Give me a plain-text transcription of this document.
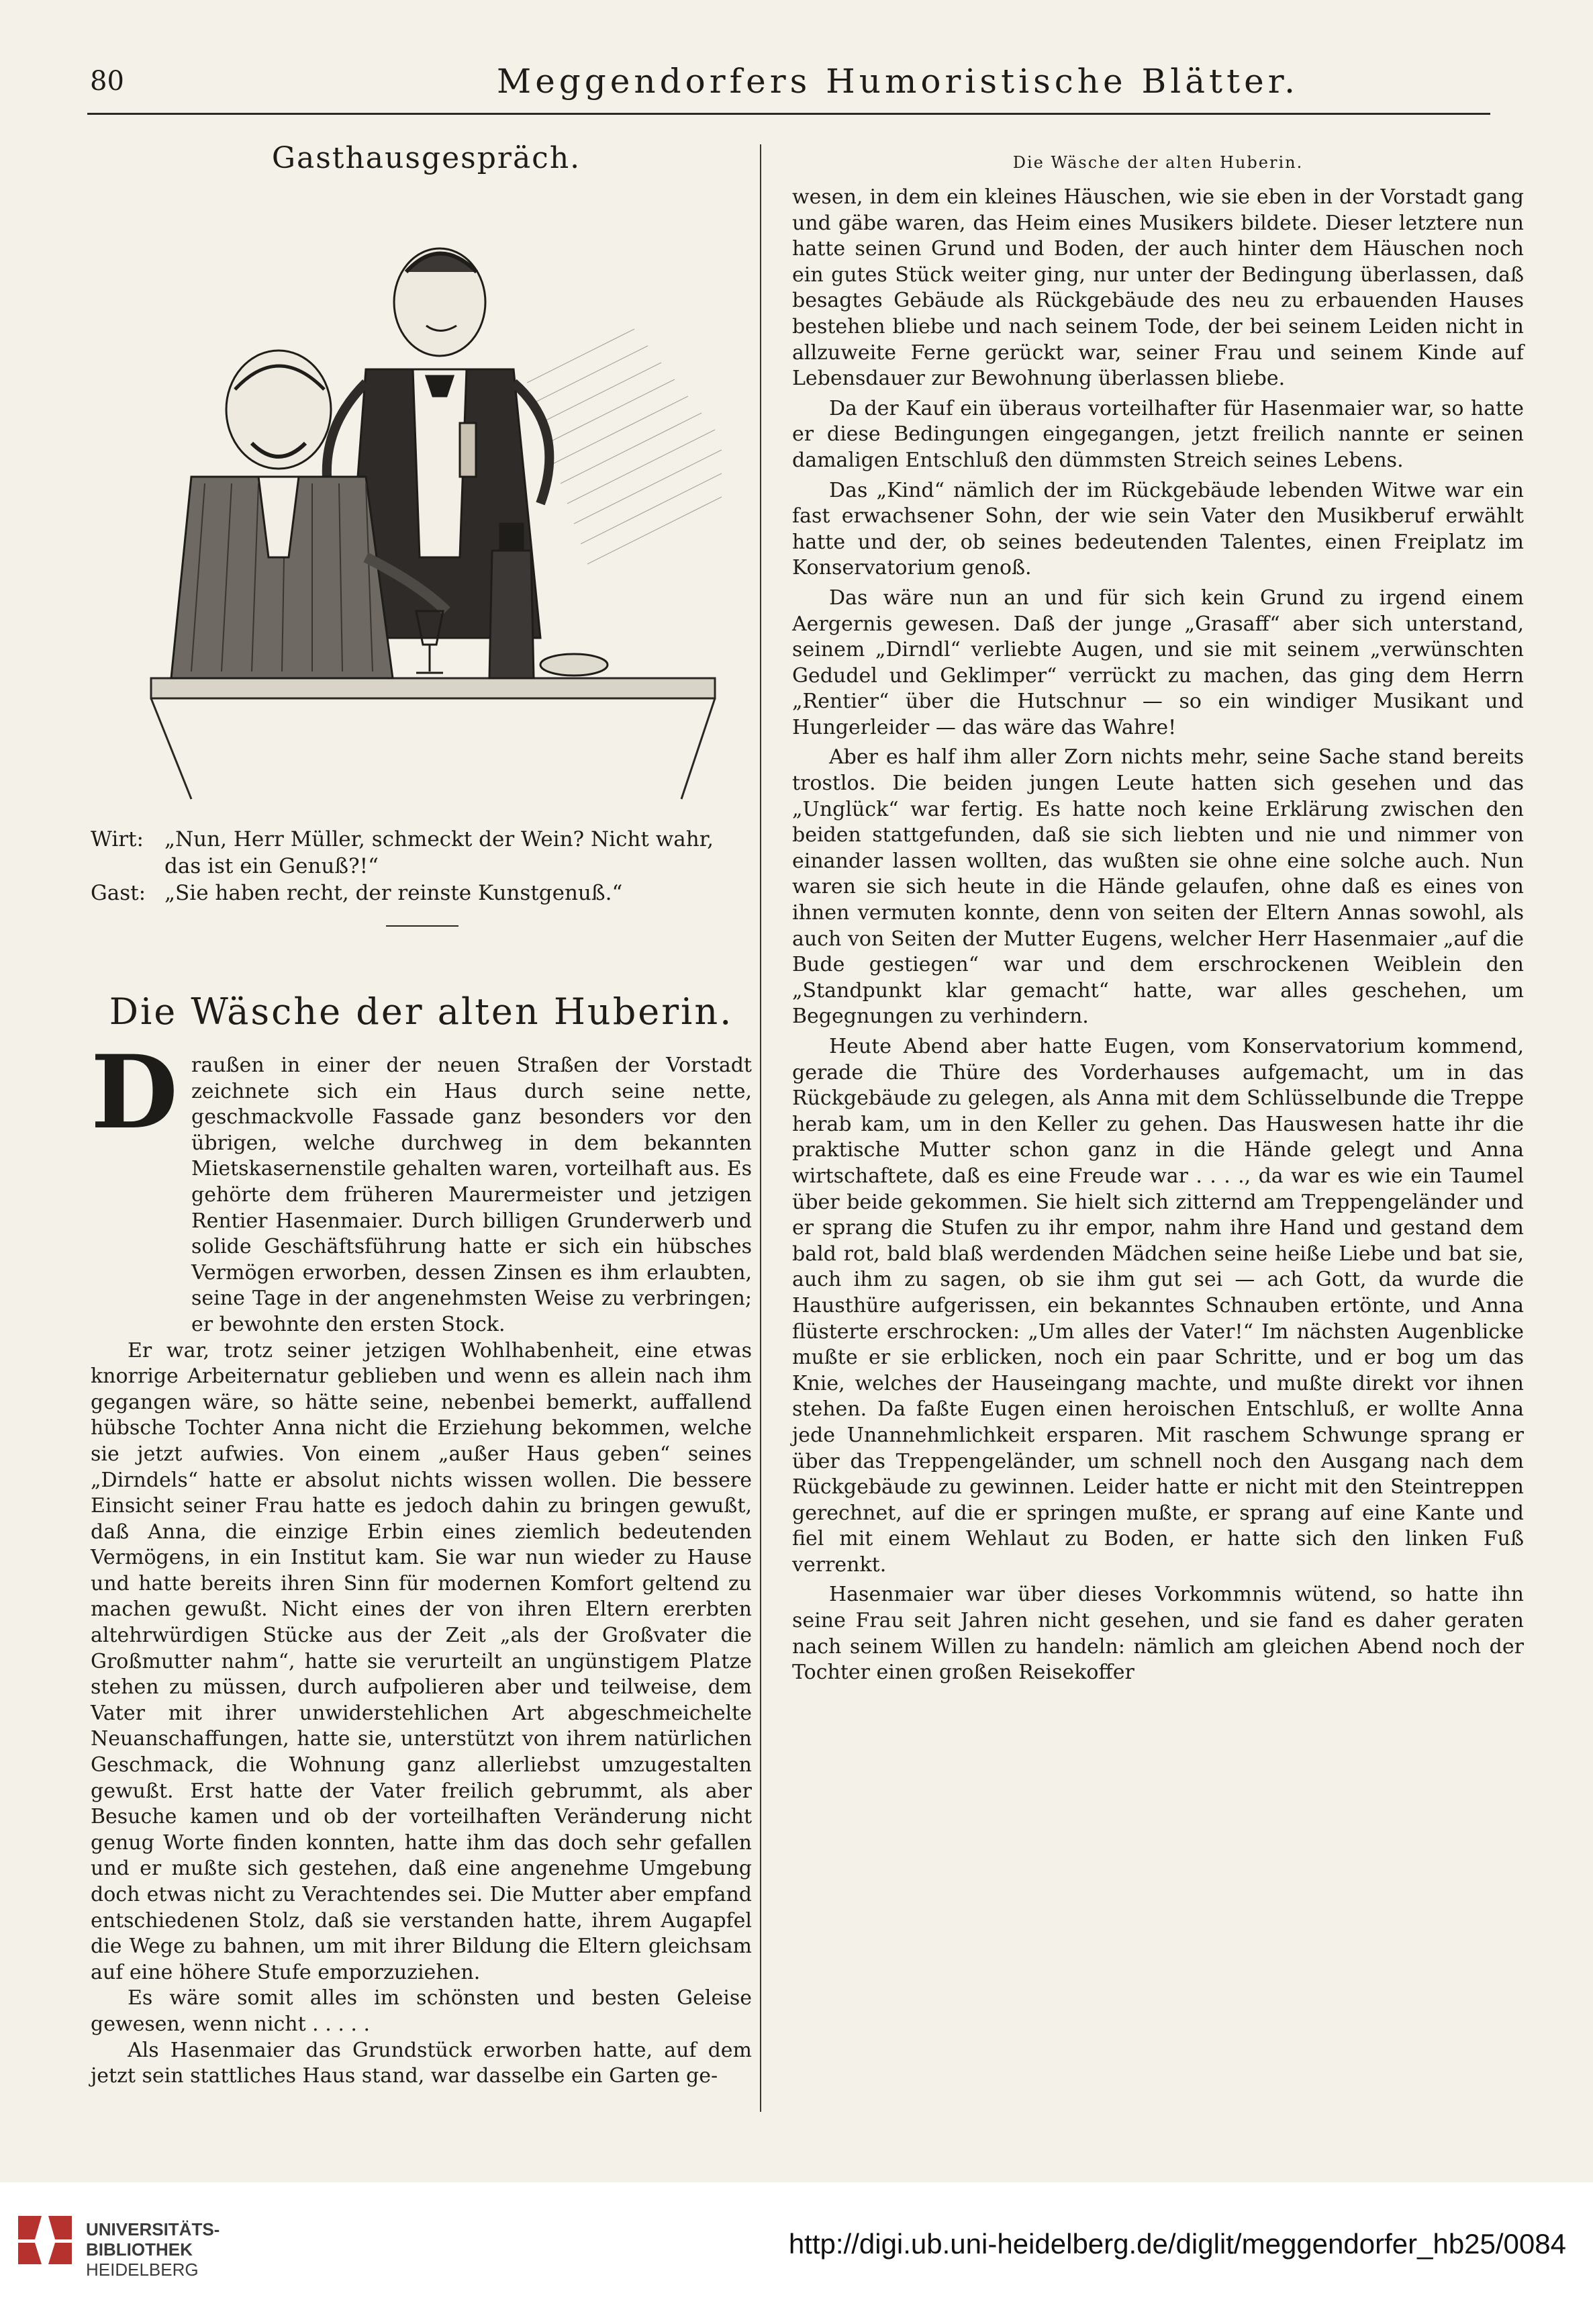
80	Meggendorfers Humoristische Blätter.
Gasthausgespräch.
Wirt: „Nun, Herr Müller, schmeckt der Wein? Nicht wahr,
das ist ein Genuß?!“
Gast: „Sie haben recht, der reinste Kunstgenuß.“
Die Wäsche der alten Huberin.
D raußen in einer der neuen Straßen der Vorstadt zeichnete sich ein Haus durch seine nette, geschmackvolle Fassade ganz besonders vor den übrigen, welche durchweg in dem bekannten Mietskasernenstile gehalten waren, vorteilhaft aus. Es gehörte dem früheren Maurermeister und jetzigen Rentier Hasenmaier. Durch billigen Grunderwerb und solide Geschäftsführung hatte er sich ein hübsches Vermögen erworben, dessen Zinsen es ihm erlaubten, seine Tage in der angenehmsten Weise zu verbringen; er bewohnte den ersten Stock.

Er war, trotz seiner jetzigen Wohlhabenheit, eine etwas knorrige Arbeiternatur geblieben und wenn es allein nach ihm gegangen wäre, so hätte seine, nebenbei bemerkt, auffallend hübsche Tochter Anna nicht die Erziehung bekommen, welche sie jetzt aufwies. Von einem „außer Haus geben“ seines „Dirndels“ hatte er absolut nichts wissen wollen. Die bessere Einsicht seiner Frau hatte es jedoch dahin zu bringen gewußt, daß Anna, die einzige Erbin eines ziemlich bedeutenden Vermögens, in ein Institut kam. Sie war nun wieder zu Hause und hatte bereits ihren Sinn für modernen Komfort geltend zu machen gewußt. Nicht eines der von ihren Eltern ererbten altehrwürdigen Stücke aus der Zeit „als der Großvater die Großmutter nahm“, hatte sie verurteilt an ungünstigem Platze stehen zu müssen, durch aufpolieren aber und teilweise, dem Vater mit ihrer unwiderstehlichen Art abgeschmeichelte Neuanschaffungen, hatte sie, unterstützt von ihrem natürlichen Geschmack, die Wohnung ganz allerliebst umzugestalten gewußt. Erst hatte der Vater freilich gebrummt, als aber Besuche kamen und ob der vorteilhaften Veränderung nicht genug Worte finden konnten, hatte ihm das doch sehr gefallen und er mußte sich gestehen, daß eine angenehme Umgebung doch etwas nicht zu Verachtendes sei. Die Mutter aber empfand entschiedenen Stolz, daß sie verstanden hatte, ihrem Augapfel die Wege zu bahnen, um mit ihrer Bildung die Eltern gleichsam auf eine höhere Stufe emporzuziehen.

Es wäre somit alles im schönsten und besten Geleise gewesen, wenn nicht . . . . .

Als Hasenmaier das Grundstück erworben hatte, auf dem jetzt sein stattliches Haus stand, war dasselbe ein Garten ge-

Die Wäsche der alten Huberin.

wesen, in dem ein kleines Häuschen, wie sie eben in der Vorstadt gang und gäbe waren, das Heim eines Musikers bildete. Dieser letztere nun hatte seinen Grund und Boden, der auch hinter dem Häuschen noch ein gutes Stück weiter ging, nur unter der Bedingung überlassen, daß besagtes Gebäude als Rückgebäude des neu zu erbauenden Hauses bestehen bliebe und nach seinem Tode, der bei seinem Leiden nicht in allzuweite Ferne gerückt war, seiner Frau und seinem Kinde auf Lebensdauer zur Bewohnung überlassen bliebe.

Da der Kauf ein überaus vorteilhafter für Hasenmaier war, so hatte er diese Bedingungen eingegangen, jetzt freilich nannte er seinen damaligen Entschluß den dümmsten Streich seines Lebens.

Das „Kind“ nämlich der im Rückgebäude lebenden Witwe war ein fast erwachsener Sohn, der wie sein Vater den Musikberuf erwählt hatte und der, ob seines bedeutenden Talentes, einen Freiplatz im Konservatorium genoß.

Das wäre nun an und für sich kein Grund zu irgend einem Aergernis gewesen. Daß der junge „Grasaff“ aber sich unterstand, seinem „Dirndl“ verliebte Augen, und sie mit seinem „verwünschten Gedudel und Geklimper“ verrückt zu machen, das ging dem Herrn „Rentier“ über die Hutschnur — so ein windiger Musikant und Hungerleider — das wäre das Wahre!

Aber es half ihm aller Zorn nichts mehr, seine Sache stand bereits trostlos. Die beiden jungen Leute hatten sich gesehen und das „Unglück“ war fertig. Es hatte noch keine Erklärung zwischen den beiden stattgefunden, daß sie sich liebten und nie und nimmer von einander lassen wollten, das wußten sie ohne eine solche auch. Nun waren sie sich heute in die Hände gelaufen, ohne daß es eines von ihnen vermuten konnte, denn von seiten der Eltern Annas sowohl, als auch von Seiten der Mutter Eugens, welcher Herr Hasenmaier „auf die Bude gestiegen“ war und dem erschrockenen Weiblein den „Standpunkt klar gemacht“ hatte, war alles geschehen, um Begegnungen zu verhindern.

Heute Abend aber hatte Eugen, vom Konservatorium kommend, gerade die Thüre des Vorderhauses aufgemacht, um in das Rückgebäude zu gelegen, als Anna mit dem Schlüsselbunde die Treppe herab kam, um in den Keller zu gehen. Das Hauswesen hatte ihr die praktische Mutter schon ganz in die Hände gelegt und Anna wirtschaftete, daß es eine Freude war . . . ., da war es wie ein Taumel über beide gekommen. Sie hielt sich zitternd am Treppengeländer und er sprang die Stufen zu ihr empor, nahm ihre Hand und gestand dem bald rot, bald blaß werdenden Mädchen seine heiße Liebe und bat sie, auch ihm zu sagen, ob sie ihm gut sei — ach Gott, da wurde die Hausthüre aufgerissen, ein bekanntes Schnauben ertönte, und Anna flüsterte erschrocken: „Um alles der Vater!“ Im nächsten Augenblicke mußte er sie erblicken, noch ein paar Schritte, und er bog um das Knie, welches der Hauseingang machte, und mußte direkt vor ihnen stehen. Da faßte Eugen einen heroischen Entschluß, er wollte Anna jede Unannehmlichkeit ersparen. Mit raschem Schwunge sprang er über das Treppengeländer, um schnell noch den Ausgang nach dem Rückgebäude zu gewinnen. Leider hatte er nicht mit den Steintreppen gerechnet, auf die er springen mußte, er sprang auf eine Kante und fiel mit einem Wehlaut zu Boden, er hatte sich den linken Fuß verrenkt.

Hasenmaier war über dieses Vorkommnis wütend, so hatte ihn seine Frau seit Jahren nicht gesehen, und sie fand es daher geraten nach seinem Willen zu handeln: nämlich am gleichen Abend noch der Tochter einen großen Reisekoffer

UNIVERSITÄTS-
BIBLIOTHEK
HEIDELBERG
http://digi.ub.uni-heidelberg.de/diglit/meggendorfer_hb25/0084
